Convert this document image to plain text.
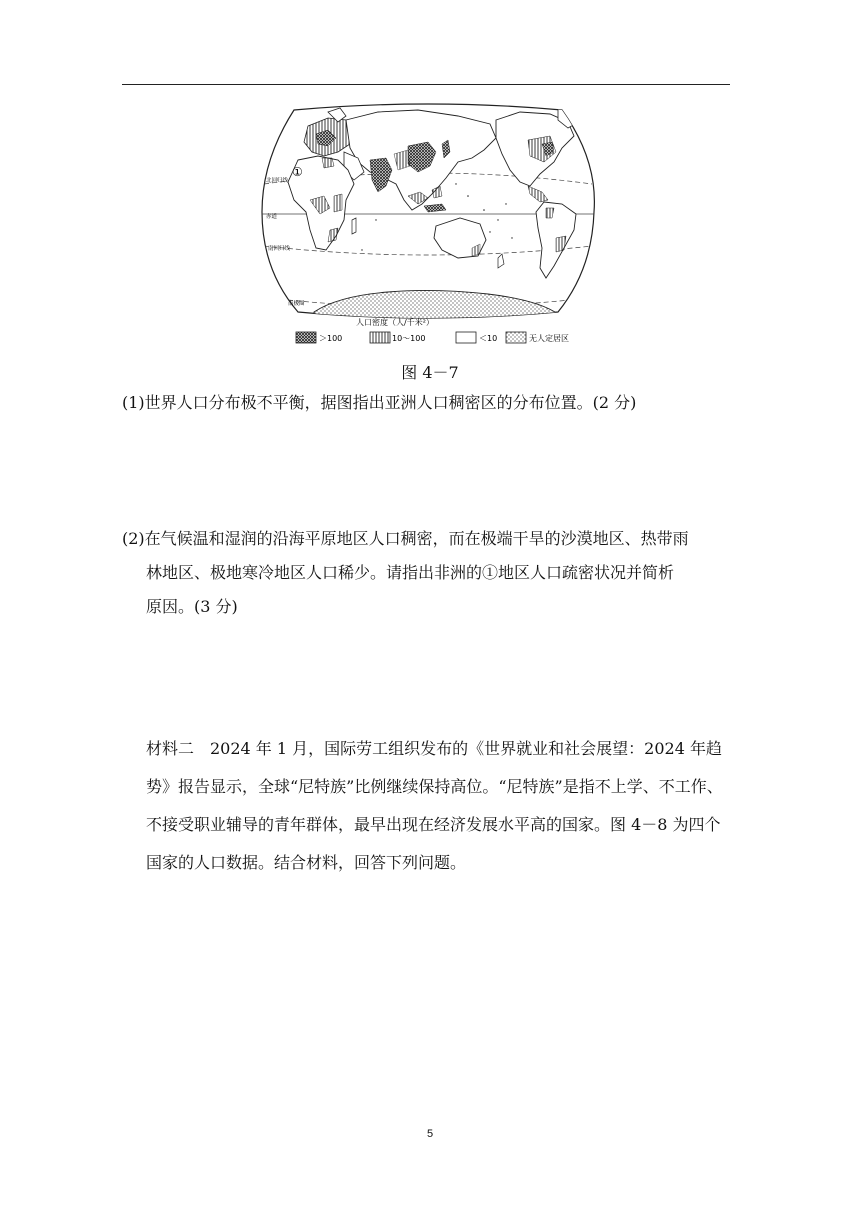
①
北回归线
赤道
南回归线
南极圈
人口密度（人/千米²）
＞100	10～100	＜10	无人定居区
图 4－7
(1)世界人口分布极不平衡，据图指出亚洲人口稠密区的分布位置。(2 分)
(2)在气候温和湿润的沿海平原地区人口稠密，而在极端干旱的沙漠地区、热带雨
林地区、极地寒冷地区人口稀少。请指出非洲的①地区人口疏密状况并简析
原因。(3 分)
材料二　2024 年 1 月，国际劳工组织发布的《世界就业和社会展望：2024 年趋势》报告显示，全球“尼特族”比例继续保持高位。“尼特族”是指不上学、不工作、不接受职业辅导的青年群体，最早出现在经济发展水平高的国家。图 4－8 为四个国家的人口数据。结合材料，回答下列问题。
5
